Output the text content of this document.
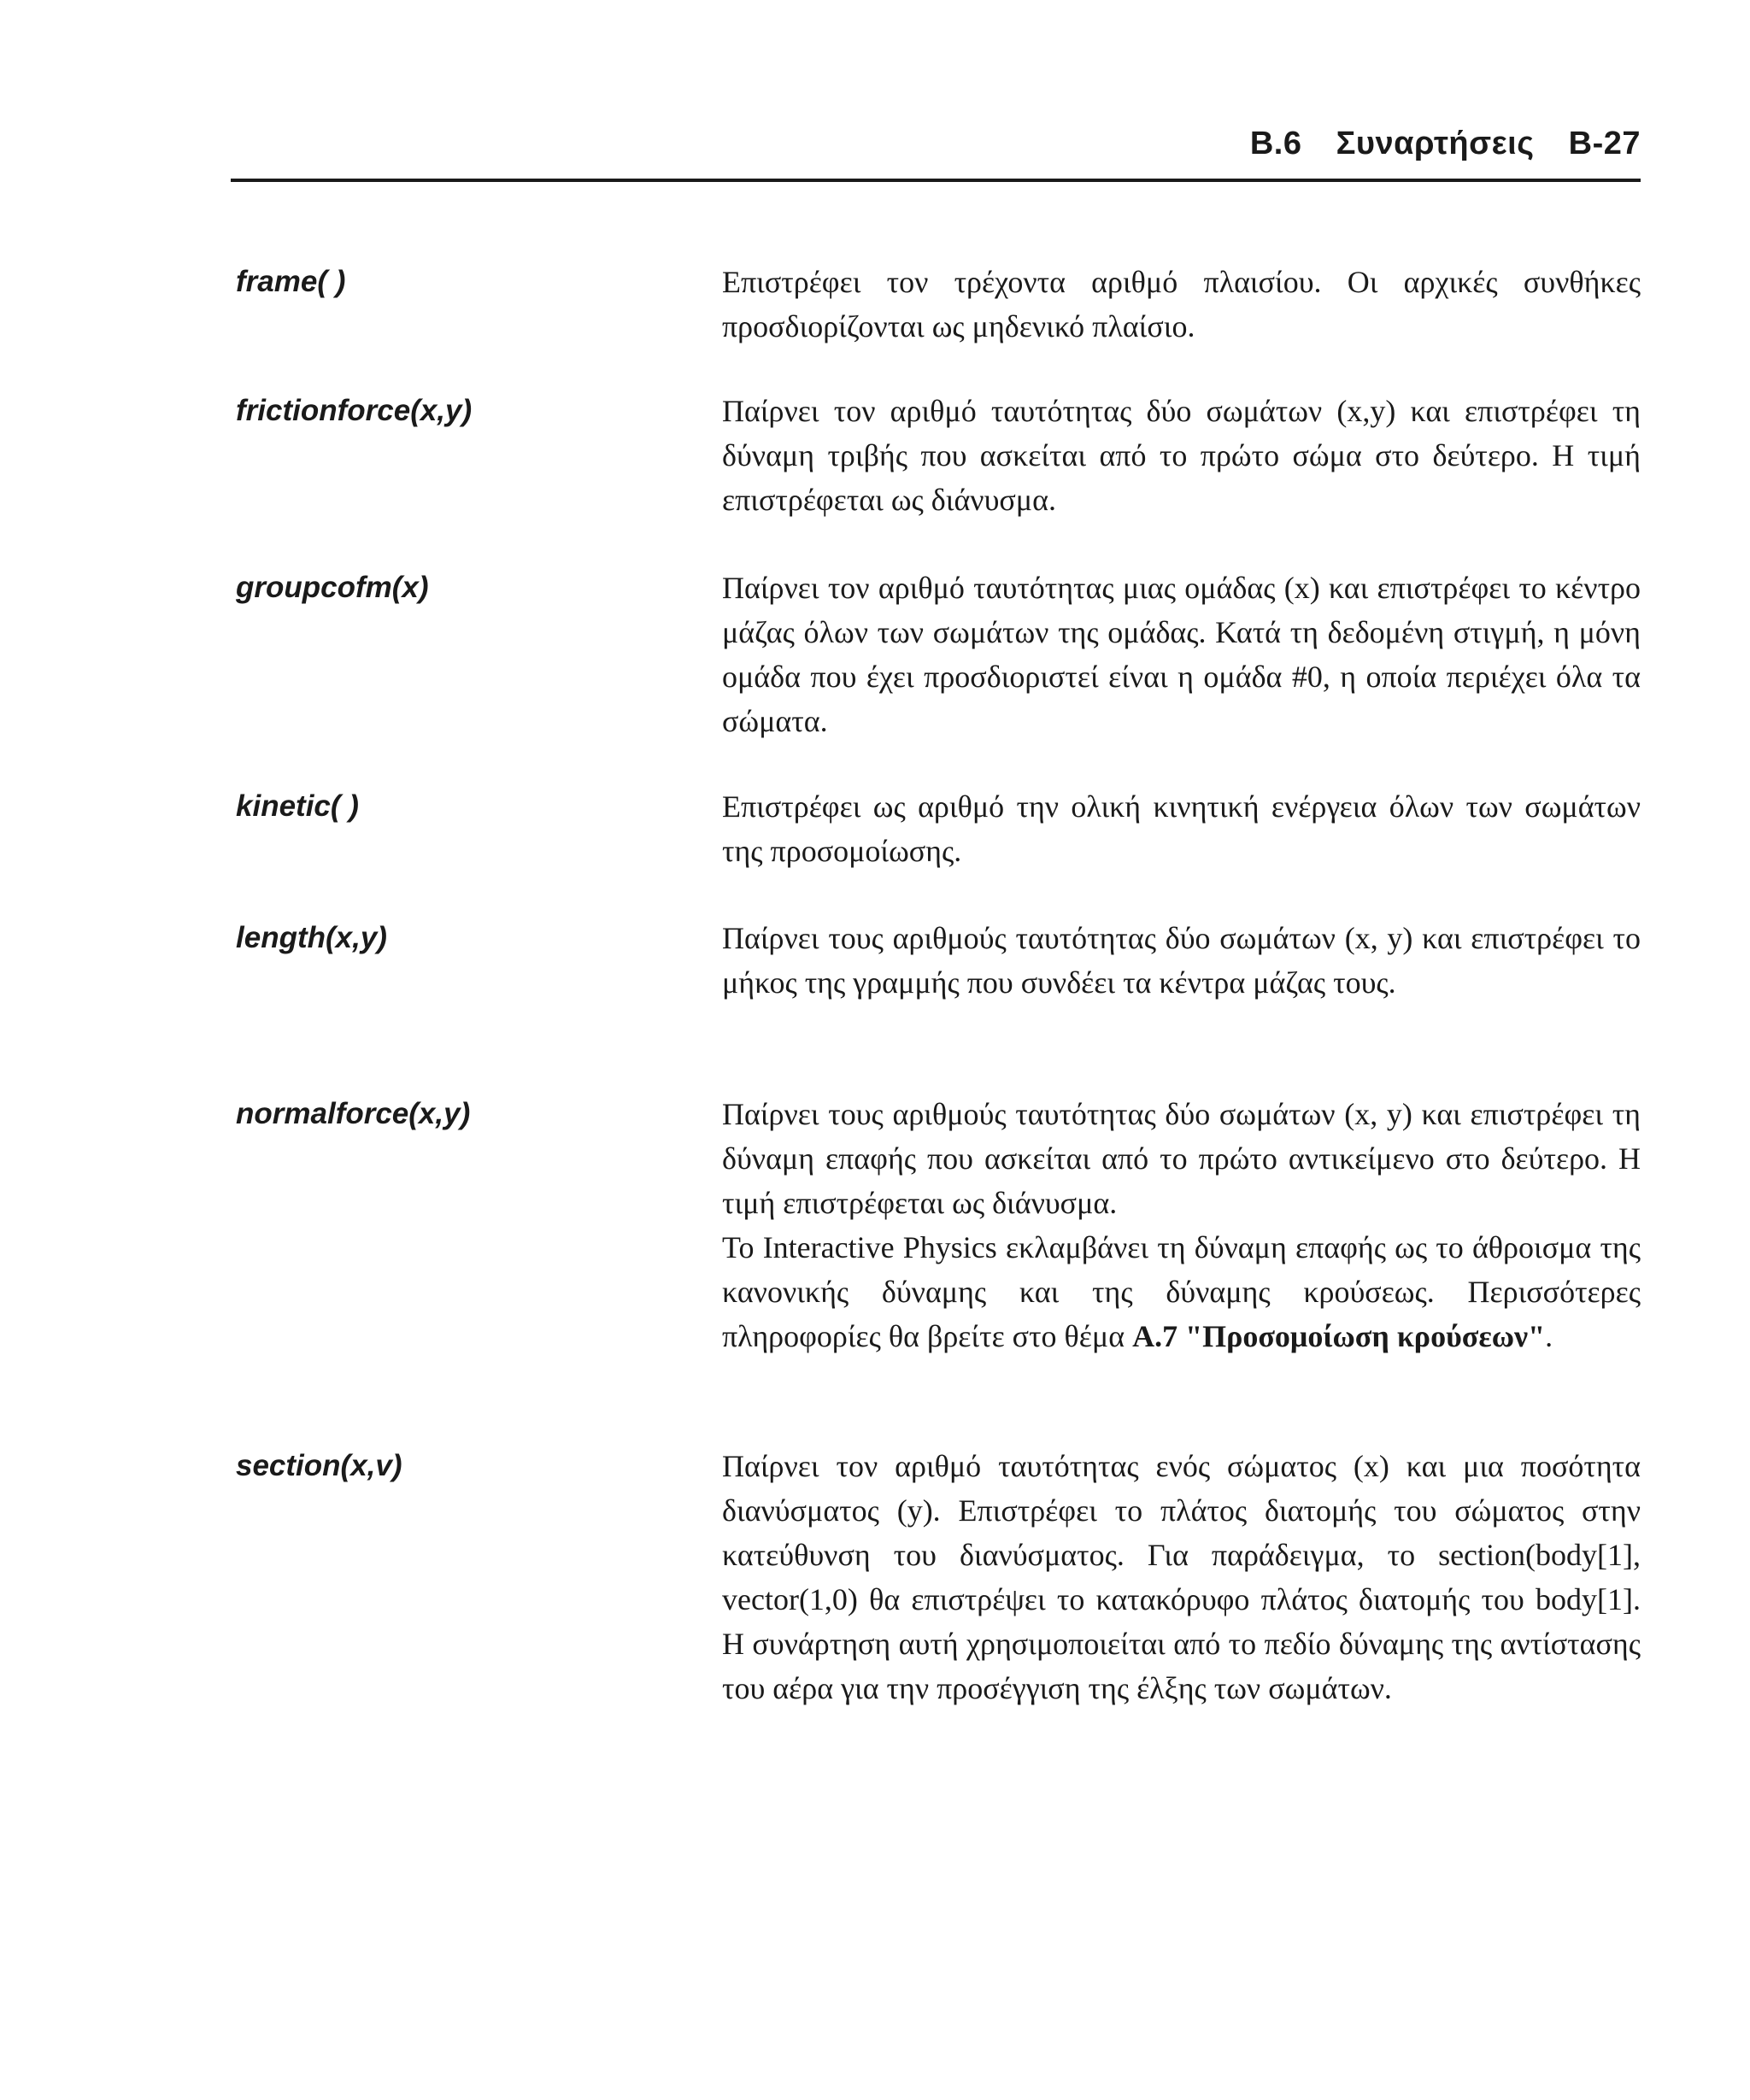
B.6 Συναρτήσεις B-27
frame( )	Επιστρέφει τον τρέχοντα αριθμό πλαισίου. Οι αρχικές συνθήκες προσδιορίζονται ως μηδενικό πλαίσιο.

frictionforce(x,y)	Παίρνει τον αριθμό ταυτότητας δύο σωμάτων (x,y) και επιστρέφει τη δύναμη τριβής που ασκείται από το πρώτο σώμα στο δεύτερο. Η τιμή επιστρέφεται ως διάνυσμα.

groupcofm(x)	Παίρνει τον αριθμό ταυτότητας μιας ομάδας (x) και επιστρέφει το κέντρο μάζας όλων των σωμάτων της ομάδας. Κατά τη δεδομένη στιγμή, η μόνη ομάδα που έχει προσδιοριστεί είναι η ομάδα #0, η οποία περιέχει όλα τα σώματα.

kinetic( )	Επιστρέφει ως αριθμό την ολική κινητική ενέργεια όλων των σωμάτων της προσομοίωσης.

length(x,y)	Παίρνει τους αριθμούς ταυτότητας δύο σωμάτων (x, y) και επιστρέφει το μήκος της γραμμής που συνδέει τα κέντρα μάζας τους.

normalforce(x,y)	Παίρνει τους αριθμούς ταυτότητας δύο σωμάτων (x, y) και επιστρέφει τη δύναμη επαφής που ασκείται από το πρώτο αντικείμενο στο δεύτερο. Η τιμή επιστρέφεται ως διάνυσμα.

Το Interactive Physics εκλαμβάνει τη δύναμη επαφής ως το άθροισμα της κανονικής δύναμης και της δύναμης κρούσεως. Περισσότερες πληροφορίες θα βρείτε στο θέμα A.7 "Προσομοίωση κρούσεων".

section(x,v)	Παίρνει τον αριθμό ταυτότητας ενός σώματος (x) και μια ποσότητα διανύσματος (y). Επιστρέφει το πλάτος διατομής του σώματος στην κατεύθυνση του διανύσματος. Για παράδειγμα, το section(body[1], vector(1,0) θα επιστρέψει το κατακόρυφο πλάτος διατομής του body[1]. Η συνάρτηση αυτή χρησιμοποιείται από το πεδίο δύναμης της αντίστασης του αέρα για την προσέγγιση της έλξης των σωμάτων.
